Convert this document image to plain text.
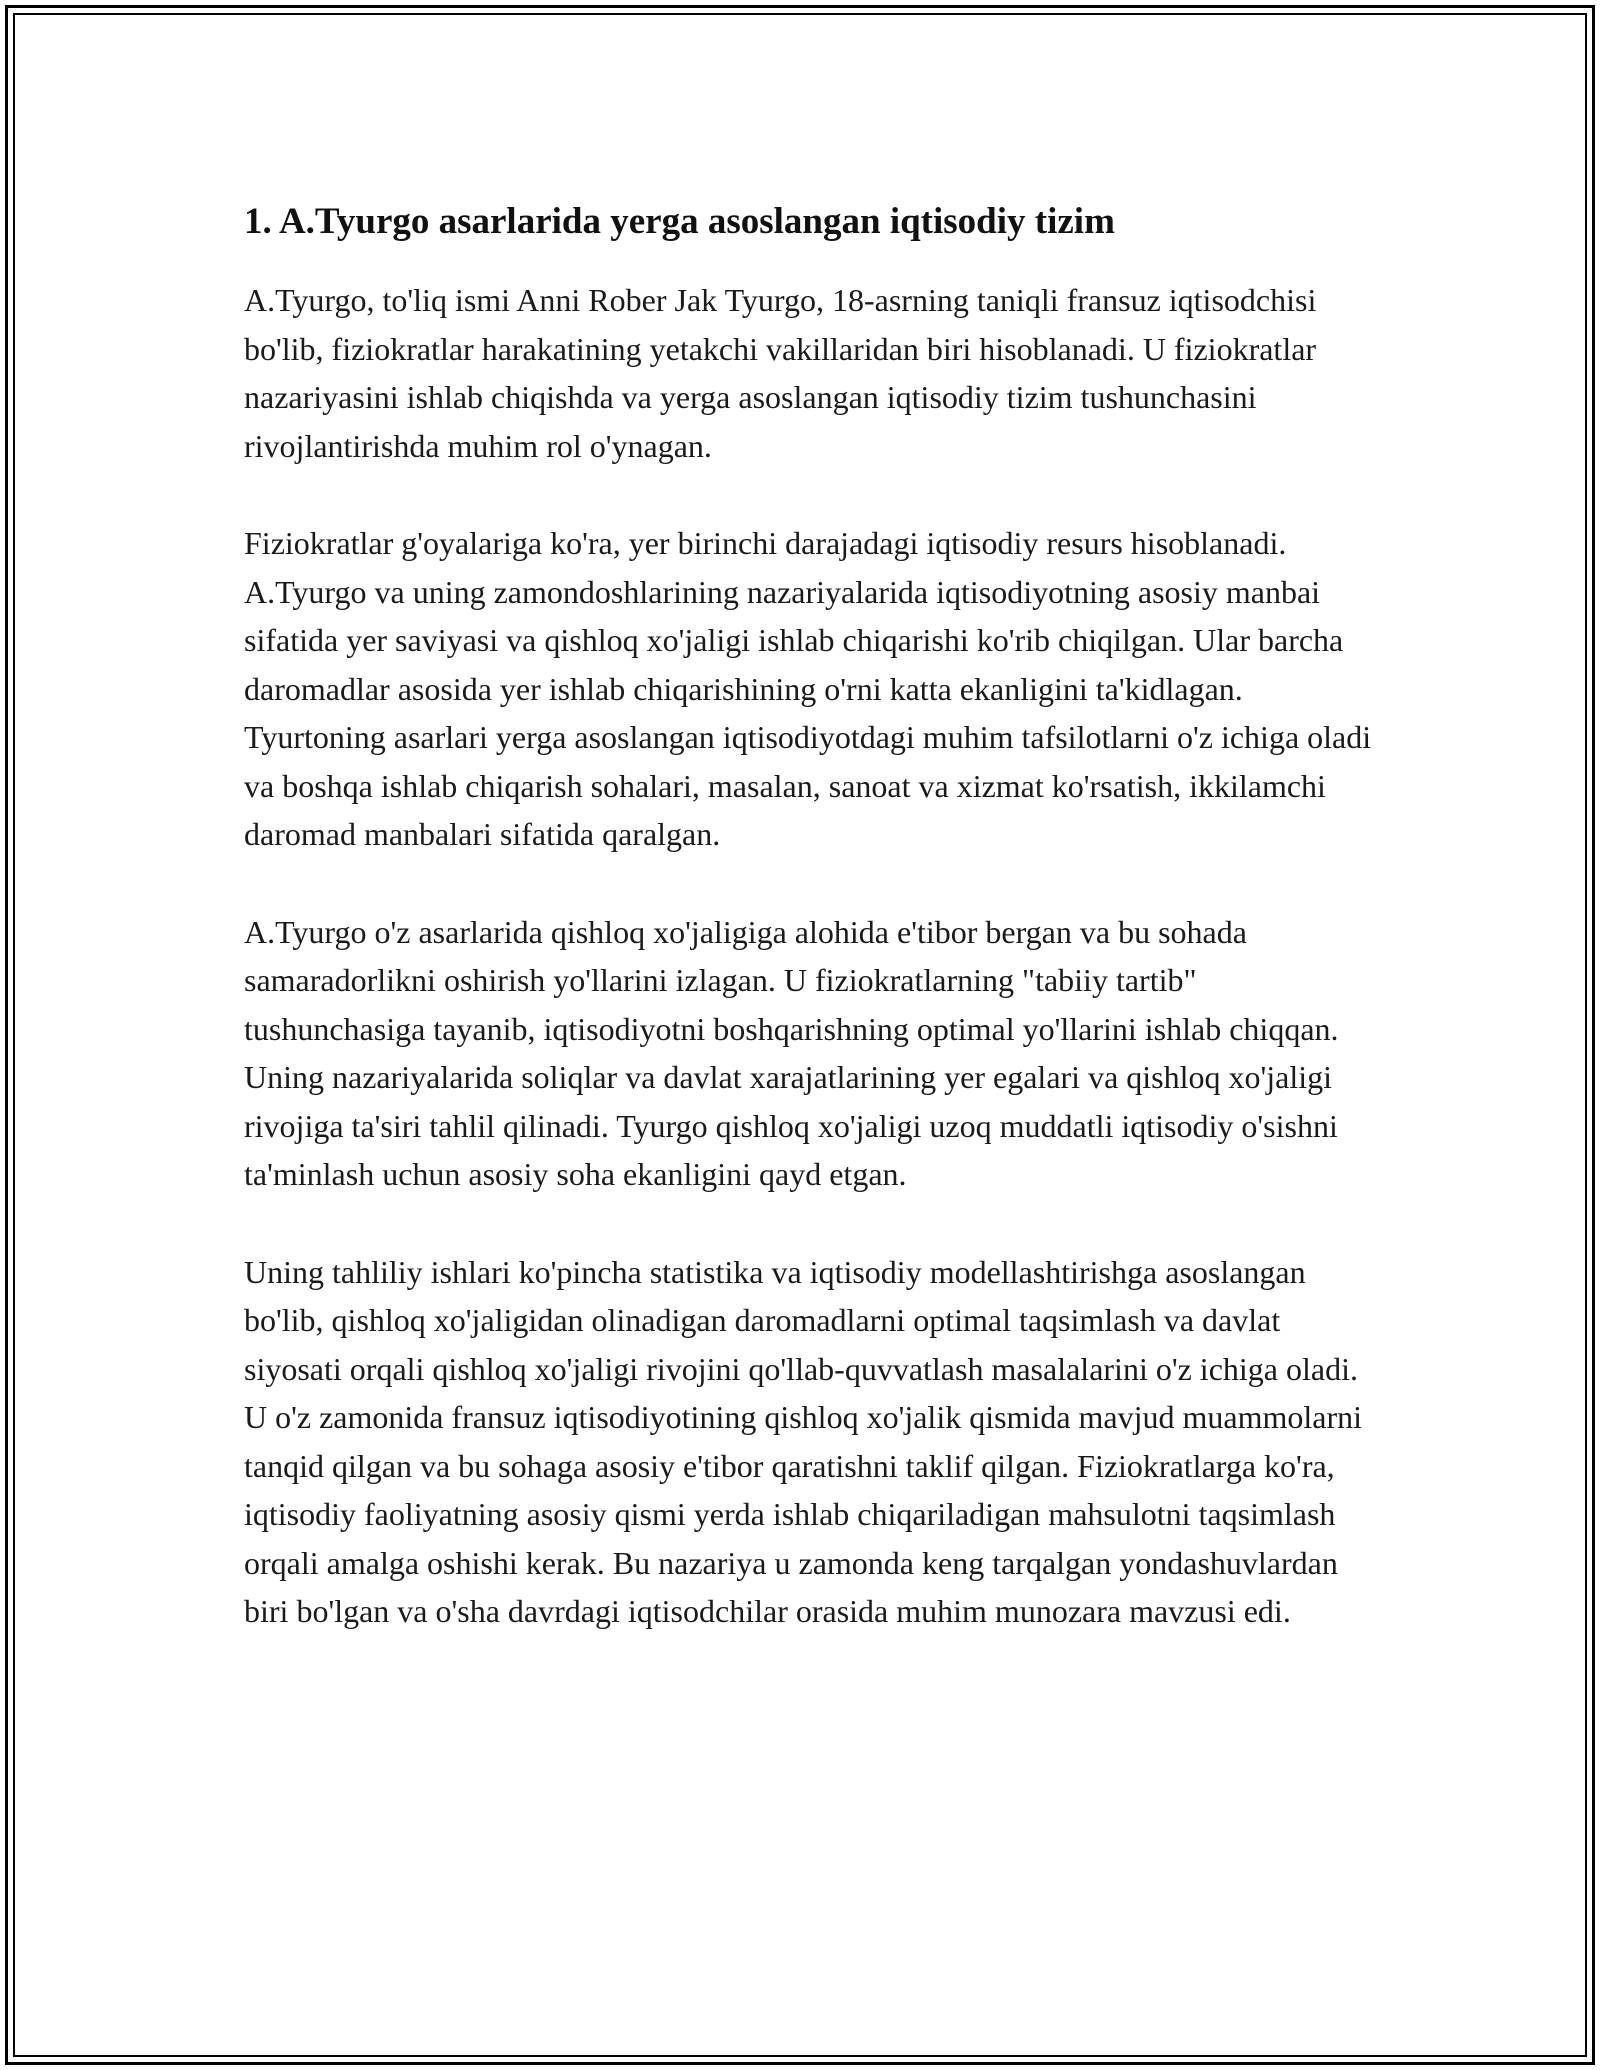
1. A.Tyurgo asarlarida yerga asoslangan iqtisodiy tizim

A.Tyurgo, to'liq ismi Anni Rober Jak Tyurgo, 18-asrning taniqli fransuz iqtisodchisi bo'lib, fiziokratlar harakatining yetakchi vakillaridan biri hisoblanadi. U fiziokratlar nazariyasini ishlab chiqishda va yerga asoslangan iqtisodiy tizim tushunchasini rivojlantirishda muhim rol o'ynagan.

Fiziokratlar g'oyalariga ko'ra, yer birinchi darajadagi iqtisodiy resurs hisoblanadi. A.Tyurgo va uning zamondoshlarining nazariyalarida iqtisodiyotning asosiy manbai sifatida yer saviyasi va qishloq xo'jaligi ishlab chiqarishi ko'rib chiqilgan. Ular barcha daromadlar asosida yer ishlab chiqarishining o'rni katta ekanligini ta'kidlagan. Tyurtoning asarlari yerga asoslangan iqtisodiyotdagi muhim tafsilotlarni o'z ichiga oladi va boshqa ishlab chiqarish sohalari, masalan, sanoat va xizmat ko'rsatish, ikkilamchi daromad manbalari sifatida qaralgan.

A.Tyurgo o'z asarlarida qishloq xo'jaligiga alohida e'tibor bergan va bu sohada samaradorlikni oshirish yo'llarini izlagan. U fiziokratlarning "tabiiy tartib" tushunchasiga tayanib, iqtisodiyotni boshqarishning optimal yo'llarini ishlab chiqqan. Uning nazariyalarida soliqlar va davlat xarajatlarining yer egalari va qishloq xo'jaligi rivojiga ta'siri tahlil qilinadi. Tyurgo qishloq xo'jaligi uzoq muddatli iqtisodiy o'sishni ta'minlash uchun asosiy soha ekanligini qayd etgan.

Uning tahliliy ishlari ko'pincha statistika va iqtisodiy modellashtirishga asoslangan bo'lib, qishloq xo'jaligidan olinadigan daromadlarni optimal taqsimlash va davlat siyosati orqali qishloq xo'jaligi rivojini qo'llab-quvvatlash masalalarini o'z ichiga oladi. U o'z zamonida fransuz iqtisodiyotining qishloq xo'jalik qismida mavjud muammolarni tanqid qilgan va bu sohaga asosiy e'tibor qaratishni taklif qilgan. Fiziokratlarga ko'ra, iqtisodiy faoliyatning asosiy qismi yerda ishlab chiqariladigan mahsulotni taqsimlash orqali amalga oshishi kerak. Bu nazariya u zamonda keng tarqalgan yondashuvlardan biri bo'lgan va o'sha davrdagi iqtisodchilar orasida muhim munozara mavzusi edi.
